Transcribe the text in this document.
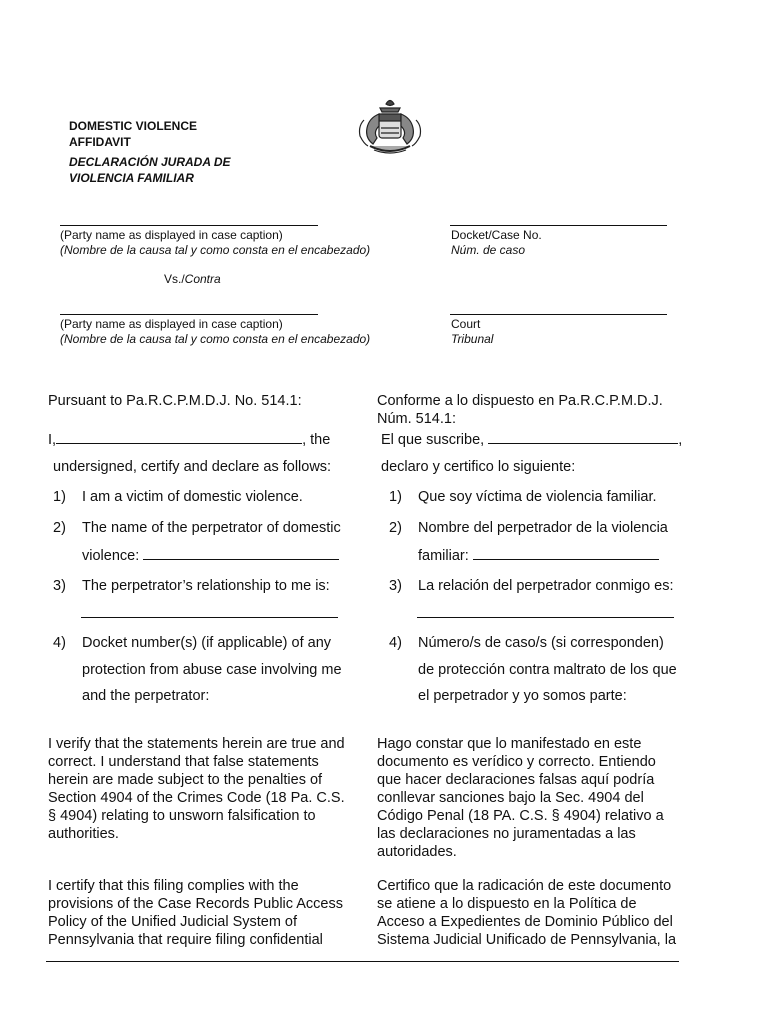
DOMESTIC VIOLENCE
AFFIDAVIT
DECLARACIÓN JURADA DE
VIOLENCIA FAMILIAR
(Party name as displayed in case caption)
(Nombre de la causa tal y como consta en el encabezado)
Docket/Case No.
Núm. de caso
Vs./Contra
(Party name as displayed in case caption)
(Nombre de la causa tal y como consta en el encabezado)
Court
Tribunal
Pursuant to Pa.R.C.P.M.D.J. No. 514.1:
I,	, the
undersigned, certify and declare as follows:
1) I am a victim of domestic violence.
2) The name of the perpetrator of domestic
violence:
3) The perpetrator’s relationship to me is:
4) Docket number(s) (if applicable) of any
protection from abuse case involving me
and the perpetrator:
I verify that the statements herein are true and
correct. I understand that false statements
herein are made subject to the penalties of
Section 4904 of the Crimes Code (18 Pa. C.S.
§ 4904) relating to unsworn falsification to
authorities.
I certify that this filing complies with the
provisions of the Case Records Public Access
Policy of the Unified Judicial System of
Pennsylvania that require filing confidential
Conforme a lo dispuesto en Pa.R.C.P.M.D.J.
Núm. 514.1:
El que suscribe,	,
declaro y certifico lo siguiente:
1) Que soy víctima de violencia familiar.
2) Nombre del perpetrador de la violencia
familiar:
3) La relación del perpetrador conmigo es:
4) Número/s de caso/s (si corresponden)
de protección contra maltrato de los que
el perpetrador y yo somos parte:
Hago constar que lo manifestado en este
documento es verídico y correcto. Entiendo
que hacer declaraciones falsas aquí podría
conllevar sanciones bajo la Sec. 4904 del
Código Penal (18 PA. C.S. § 4904) relativo a
las declaraciones no juramentadas a las
autoridades.
Certifico que la radicación de este documento
se atiene a lo dispuesto en la Política de
Acceso a Expedientes de Dominio Público del
Sistema Judicial Unificado de Pennsylvania, la
